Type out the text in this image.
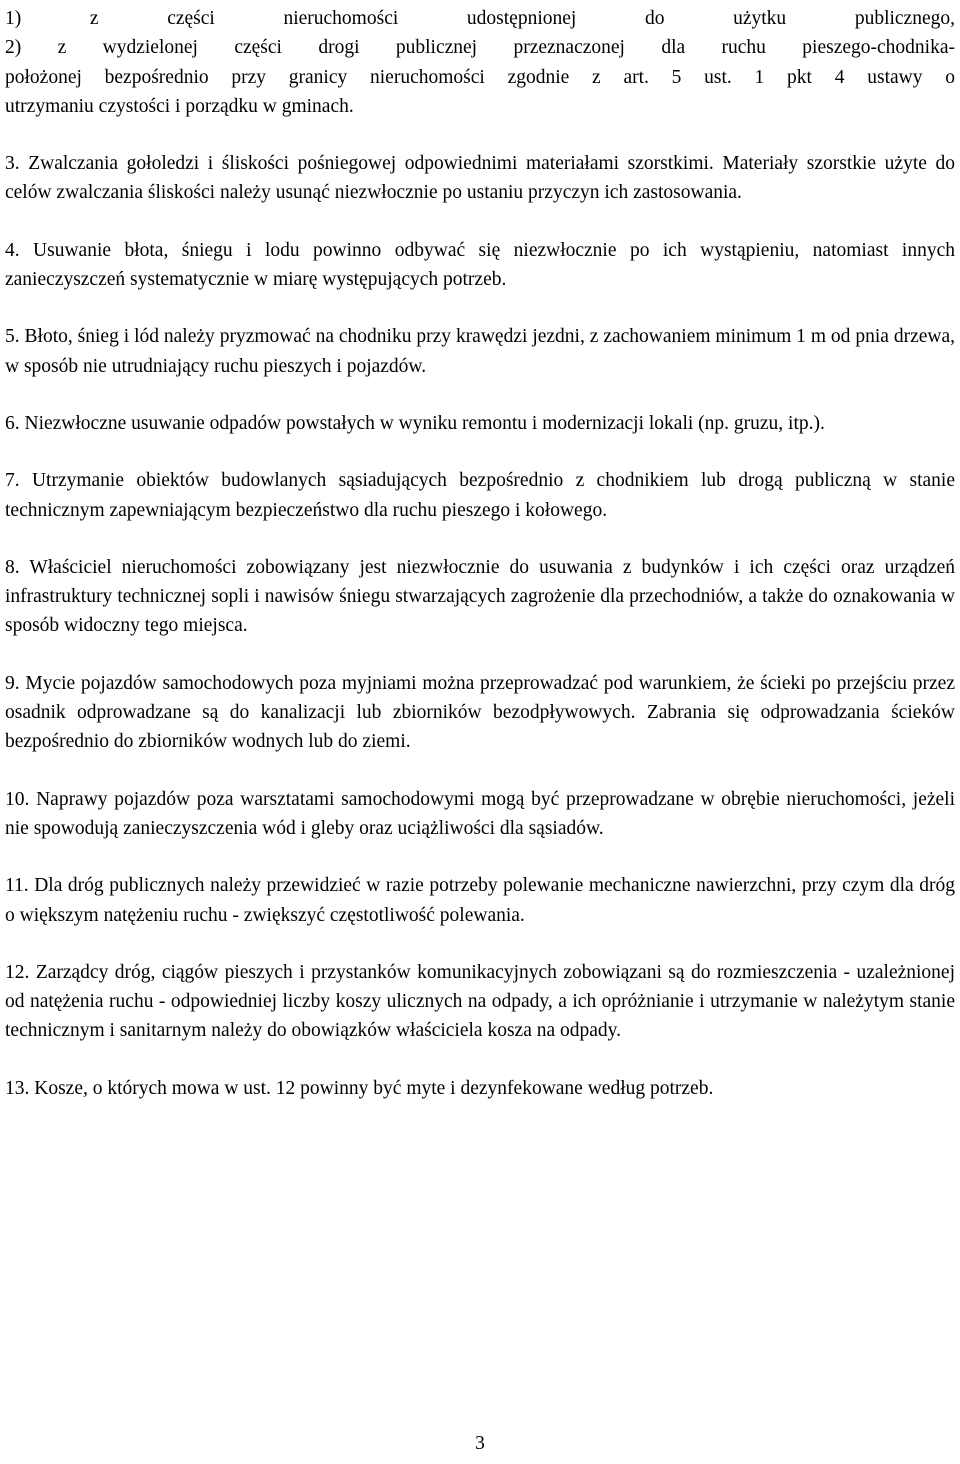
1) z części nieruchomości udostępnionej do użytku publicznego,

2) z wydzielonej części drogi publicznej przeznaczonej dla ruchu pieszego-chodnika-

położonej bezpośrednio przy granicy nieruchomości zgodnie z art. 5 ust. 1 pkt 4 ustawy o

utrzymaniu czystości i porządku w gminach.

3. Zwalczania gołoledzi i śliskości pośniegowej odpowiednimi materiałami szorstkimi. Materiały szorstkie użyte do celów zwalczania śliskości należy usunąć niezwłocznie po ustaniu przyczyn ich zastosowania.

4. Usuwanie błota, śniegu i lodu powinno odbywać się niezwłocznie po ich wystąpieniu, natomiast innych zanieczyszczeń systematycznie w miarę występujących potrzeb.

5. Błoto, śnieg i lód należy pryzmować na chodniku przy krawędzi jezdni, z zachowaniem minimum 1 m od pnia drzewa, w sposób nie utrudniający ruchu pieszych i pojazdów.

6. Niezwłoczne usuwanie odpadów powstałych w wyniku remontu i modernizacji lokali (np. gruzu, itp.).

7. Utrzymanie obiektów budowlanych sąsiadujących bezpośrednio z chodnikiem lub drogą publiczną w stanie technicznym zapewniającym bezpieczeństwo dla ruchu pieszego i kołowego.

8. Właściciel nieruchomości zobowiązany jest niezwłocznie do usuwania z budynków i ich części oraz urządzeń infrastruktury technicznej sopli i nawisów śniegu stwarzających zagrożenie dla przechodniów, a także do oznakowania w sposób widoczny tego miejsca.

9. Mycie pojazdów samochodowych poza myjniami można przeprowadzać pod warunkiem, że ścieki po przejściu przez osadnik odprowadzane są do kanalizacji lub zbiorników bezodpływowych. Zabrania się odprowadzania ścieków bezpośrednio do zbiorników wodnych lub do ziemi.

10. Naprawy pojazdów poza warsztatami samochodowymi mogą być przeprowadzane w obrębie nieruchomości, jeżeli nie spowodują zanieczyszczenia wód i gleby oraz uciążliwości dla sąsiadów.

11. Dla dróg publicznych należy przewidzieć w razie potrzeby polewanie mechaniczne nawierzchni, przy czym dla dróg o większym natężeniu ruchu - zwiększyć częstotliwość polewania.

12. Zarządcy dróg, ciągów pieszych i przystanków komunikacyjnych zobowiązani są do rozmieszczenia - uzależnionej od natężenia ruchu - odpowiedniej liczby koszy ulicznych na odpady, a ich opróżnianie i utrzymanie w należytym stanie technicznym i sanitarnym należy do obowiązków właściciela kosza na odpady.

13. Kosze, o których mowa w ust. 12 powinny być myte i dezynfekowane według potrzeb.

3
